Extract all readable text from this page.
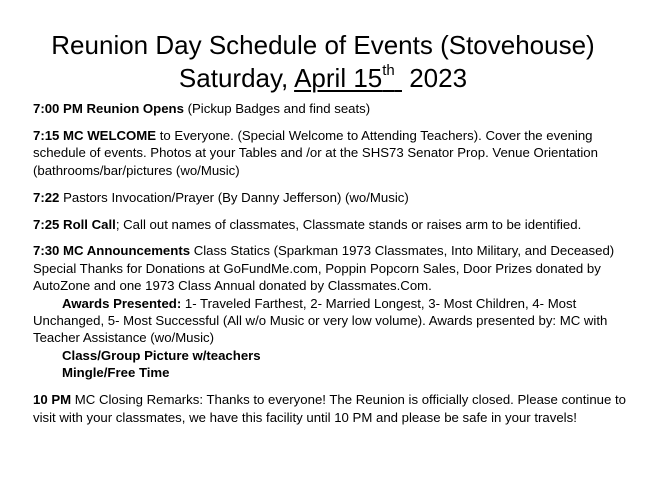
Reunion Day Schedule of Events (Stovehouse)
Saturday, April 15th  2023

7:00 PM Reunion Opens (Pickup Badges and find seats)

7:15 MC WELCOME to Everyone. (Special Welcome to Attending Teachers). Cover the evening schedule of events. Photos at your Tables and /or at the SHS73 Senator Prop. Venue Orientation (bathrooms/bar/pictures (wo/Music)

7:22 Pastors Invocation/Prayer (By Danny Jefferson) (wo/Music)

7:25 Roll Call; Call out names of classmates, Classmate stands or raises arm to be identified.

7:30 MC Announcements Class Statics (Sparkman 1973 Classmates, Into Military, and Deceased) Special Thanks for Donations at GoFundMe.com, Poppin Popcorn Sales, Door Prizes donated by AutoZone and one 1973 Class Annual donated by Classmates.Com.

Awards Presented: 1- Traveled Farthest, 2- Married Longest, 3- Most Children, 4- Most Unchanged, 5- Most Successful (All w/o Music or very low volume). Awards presented by: MC with Teacher Assistance (wo/Music)

Class/Group Picture w/teachers
Mingle/Free Time

10 PM MC Closing Remarks: Thanks to everyone! The Reunion is officially closed. Please continue to visit with your classmates, we have this facility until 10 PM and please be safe in your travels!
